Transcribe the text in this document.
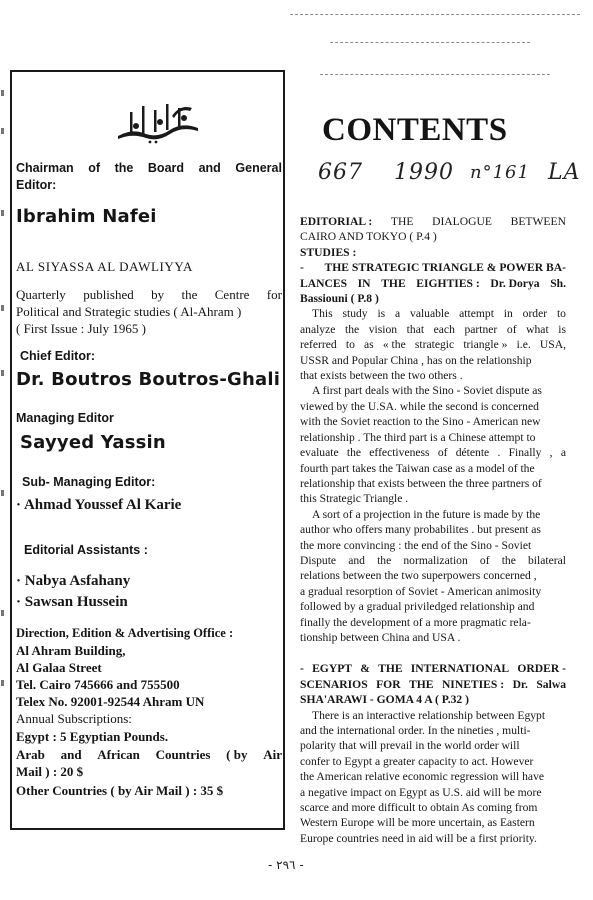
Chairman of the Board and General
Editor:
Ibrahim Nafei
AL SIYASSA AL DAWLIYYA
Quarterly published by the Centre for
Political and Strategic studies ( Al-Ahram )
( First Issue : July 1965 )
Chief Editor:
Dr. Boutros Boutros-Ghali
Managing Editor
Sayyed Yassin
Sub- Managing Editor:
· Ahmad Youssef Al Karie
Editorial Assistants :
· Nabya Asfahany
· Sawsan Hussein
Direction, Edition & Advertising Office :
Al Ahram Building,
Al Galaa Street
Tel. Cairo 745666 and 755500
Telex No. 92001-92544 Ahram UN
Annual Subscriptions:
Egypt : 5 Egyptian Pounds.
Arab and African Countries ( by Air
Mail ) : 20 $
Other Countries ( by Air Mail ) : 35 $
CONTENTS
667 1990 n°161 LA
EDITORIAL : THE DIALOGUE BETWEEN
CAIRO AND TOKYO ( P.4 )
STUDIES :
- THE STRATEGIC TRIANGLE & POWER BA-
LANCES IN THE EIGHTIES : Dr. Dorya Sh.
Bassiouni ( P.8 )
This study is a valuable attempt in order to
analyze the vision that each partner of what is
referred to as « the strategic triangle » i.e. USA,
USSR and Popular China , has on the relationship
that exists between the two others .
A first part deals with the Sino - Soviet dispute as
viewed by the U.SA. while the second is concerned
with the Soviet reaction to the Sino - American new
relationship . The third part is a Chinese attempt to
evaluate the effectiveness of détente . Finally , a
fourth part takes the Taiwan case as a model of the
relationship that exists between the three partners of
this Strategic Triangle .
A sort of a projection in the future is made by the
author who offers many probabilites . but present as
the more convincing : the end of the Sino - Soviet
Dispute and the normalization of the bilateral
relations between the two superpowers concerned ,
a gradual resorption of Soviet - American animosity
followed by a gradual priviledged relationship and
finally the development of a more pragmatic rela-
tionship between China and USA .
- EGYPT & THE INTERNATIONAL ORDER -
SCENARIOS FOR THE NINETIES : Dr. Salwa
SHA'ARAWI - GOMA 4 A ( P.32 )
There is an interactive relationship between Egypt
and the international order. In the nineties , multi-
polarity that will prevail in the world order will
confer to Egypt a greater capacity to act. However
the American relative economic regression will have
a negative impact on Egypt as U.S. aid will be more
scarce and more difficult to obtain As coming from
Western Europe will be more uncertain, as Eastern
Europe countries need in aid will be a first priority.
- ٢٩٦ -
